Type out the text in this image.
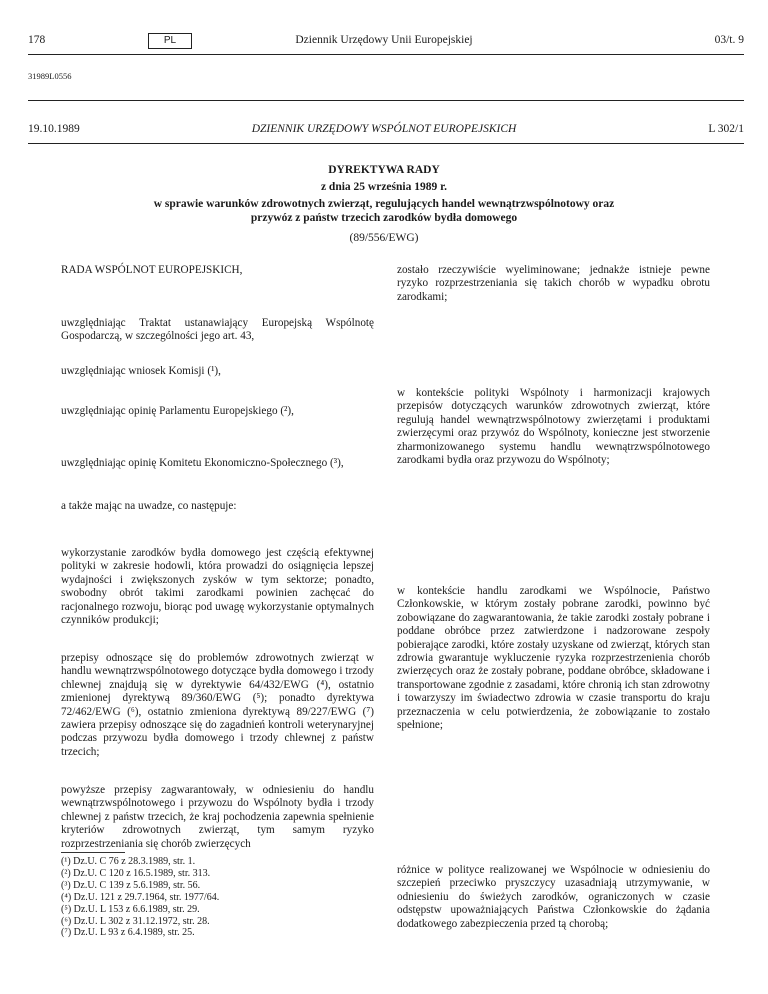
178	PL	Dziennik Urzędowy Unii Europejskiej	03/t. 9
31989L0556
19.10.1989	DZIENNIK URZĘDOWY WSPÓLNOT EUROPEJSKICH	L 302/1
DYREKTYWA RADY
z dnia 25 września 1989 r.
w sprawie warunków zdrowotnych zwierząt, regulujących handel wewnątrzwspólnotowy oraz
przywóz z państw trzecich zarodków bydła domowego
(89/556/EWG)

RADA WSPÓLNOT EUROPEJSKICH,

uwzględniając Traktat ustanawiający Europejską Wspólnotę Gospodarczą, w szczególności jego art. 43,

uwzględniając wniosek Komisji (¹),

uwzględniając opinię Parlamentu Europejskiego (²),

uwzględniając opinię Komitetu Ekonomiczno-Społecznego (³),

a także mając na uwadze, co następuje:

wykorzystanie zarodków bydła domowego jest częścią efektywnej polityki w zakresie hodowli, która prowadzi do osiągnięcia lepszej wydajności i zwiększonych zysków w tym sektorze; ponadto, swobodny obrót takimi zarodkami powinien zachęcać do racjonalnego rozwoju, biorąc pod uwagę wykorzystanie optymalnych czynników produkcji;

przepisy odnoszące się do problemów zdrowotnych zwierząt w handlu wewnątrzwspólnotowego dotyczące bydła domowego i trzody chlewnej znajdują się w dyrektywie 64/432/EWG (⁴), ostatnio zmienionej dyrektywą 89/360/EWG (⁵); ponadto dyrektywa 72/462/EWG (⁶), ostatnio zmieniona dyrektywą 89/227/EWG (⁷) zawiera przepisy odnoszące się do zagadnień kontroli weterynaryjnej podczas przywozu bydła domowego i trzody chlewnej z państw trzecich;

powyższe przepisy zagwarantowały, w odniesieniu do handlu wewnątrzwspólnotowego i przywozu do Wspólnoty bydła i trzody chlewnej z państw trzecich, że kraj pochodzenia zapewnia spełnienie kryteriów zdrowotnych zwierząt, tym samym ryzyko rozprzestrzeniania się chorób zwierzęcych

(¹) Dz.U. C 76 z 28.3.1989, str. 1.
(²) Dz.U. C 120 z 16.5.1989, str. 313.
(³) Dz.U. C 139 z 5.6.1989, str. 56.
(⁴) Dz.U. 121 z 29.7.1964, str. 1977/64.
(⁵) Dz.U. L 153 z 6.6.1989, str. 29.
(⁶) Dz.U. L 302 z 31.12.1972, str. 28.
(⁷) Dz.U. L 93 z 6.4.1989, str. 25.

zostało rzeczywiście wyeliminowane; jednakże istnieje pewne ryzyko rozprzestrzeniania się takich chorób w wypadku obrotu zarodkami;

w kontekście polityki Wspólnoty i harmonizacji krajowych przepisów dotyczących warunków zdrowotnych zwierząt, które regulują handel wewnątrzwspólnotowy zwierzętami i produktami zwierzęcymi oraz przywóz do Wspólnoty, konieczne jest stworzenie zharmonizowanego systemu handlu wewnątrzwspólnotowego zarodkami bydła oraz przywozu do Wspólnoty;

w kontekście handlu zarodkami we Wspólnocie, Państwo Członkowskie, w którym zostały pobrane zarodki, powinno być zobowiązane do zagwarantowania, że takie zarodki zostały pobrane i poddane obróbce przez zatwierdzone i nadzorowane zespoły pobierające zarodki, które zostały uzyskane od zwierząt, których stan zdrowia gwarantuje wykluczenie ryzyka rozprzestrzenienia chorób zwierzęcych oraz że zostały pobrane, poddane obróbce, składowane i transportowane zgodnie z zasadami, które chronią ich stan zdrowotny i towarzyszy im świadectwo zdrowia w czasie transportu do kraju przeznaczenia w celu potwierdzenia, że zobowiązanie to zostało spełnione;

różnice w polityce realizowanej we Wspólnocie w odniesieniu do szczepień przeciwko pryszczycy uzasadniają utrzymywanie, w odniesieniu do świeżych zarodków, ograniczonych w czasie odstępstw upoważniających Państwa Członkowskie do żądania dodatkowego zabezpieczenia przed tą chorobą;
